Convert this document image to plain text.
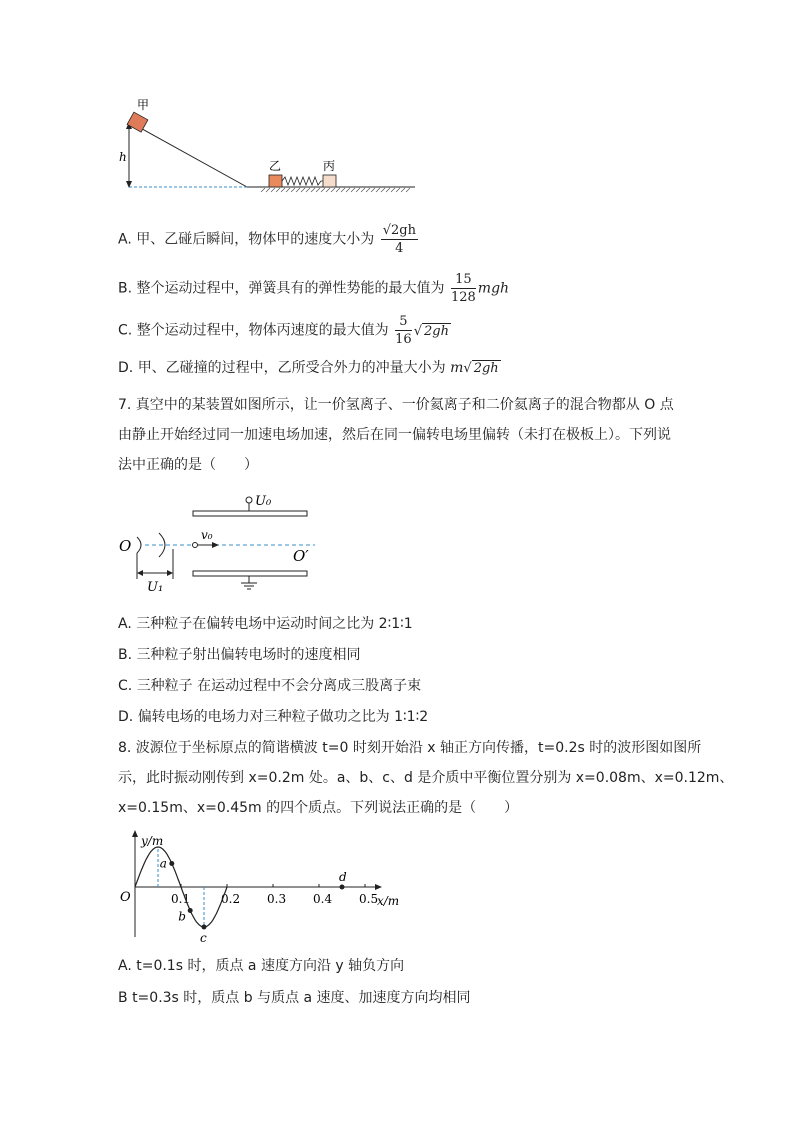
h
甲
乙	丙
A. 甲、乙碰后瞬间，物体甲的速度大小为 $\frac{√2gh}{4}$
B. 整个运动过程中，弹簧具有的弹性势能的最大值为 $\frac{15}{128}$ mgh
C. 整个运动过程中，物体丙速度的最大值为 $\frac{5}{16}$ √ 2gh
D. 甲、乙碰撞的过程中，乙所受合外力的冲量大小为 m√ 2gh
7. 真空中的某装置如图所示，让一价氢离子、一价氦离子和二价氦离子的混合物都从 O 点
由静止开始经过同一加速电场加速，然后在同一偏转电场里偏转（未打在极板上）。下列说
法中正确的是（　　）
U₀
O
U₁
v₀
O′
A. 三种粒子在偏转电场中运动时间之比为 2∶1∶1
B. 三种粒子射出偏转电场时的速度相同
C. 三种粒子 在运动过程中不会分离成三股离子束
D. 偏转电场的电场力对三种粒子做功之比为 1∶1∶2
8. 波源位于坐标原点的简谐横波 t=0 时刻开始沿 x 轴正方向传播，t=0.2s 时的波形图如图所
示，此时振动刚传到 x=0.2m 处。a、b、c、d 是介质中平衡位置分别为 x=0.08m、x=0.12m、
x=0.15m、x=0.45m 的四个质点。下列说法正确的是（　　）
y/m
x/m
O	0.1	0.2 0.3 0.4 0.5
a
b
c
d
A. t=0.1s 时，质点 a 速度方向沿 y 轴负方向
B t=0.3s 时，质点 b 与质点 a 速度、加速度方向均相同
